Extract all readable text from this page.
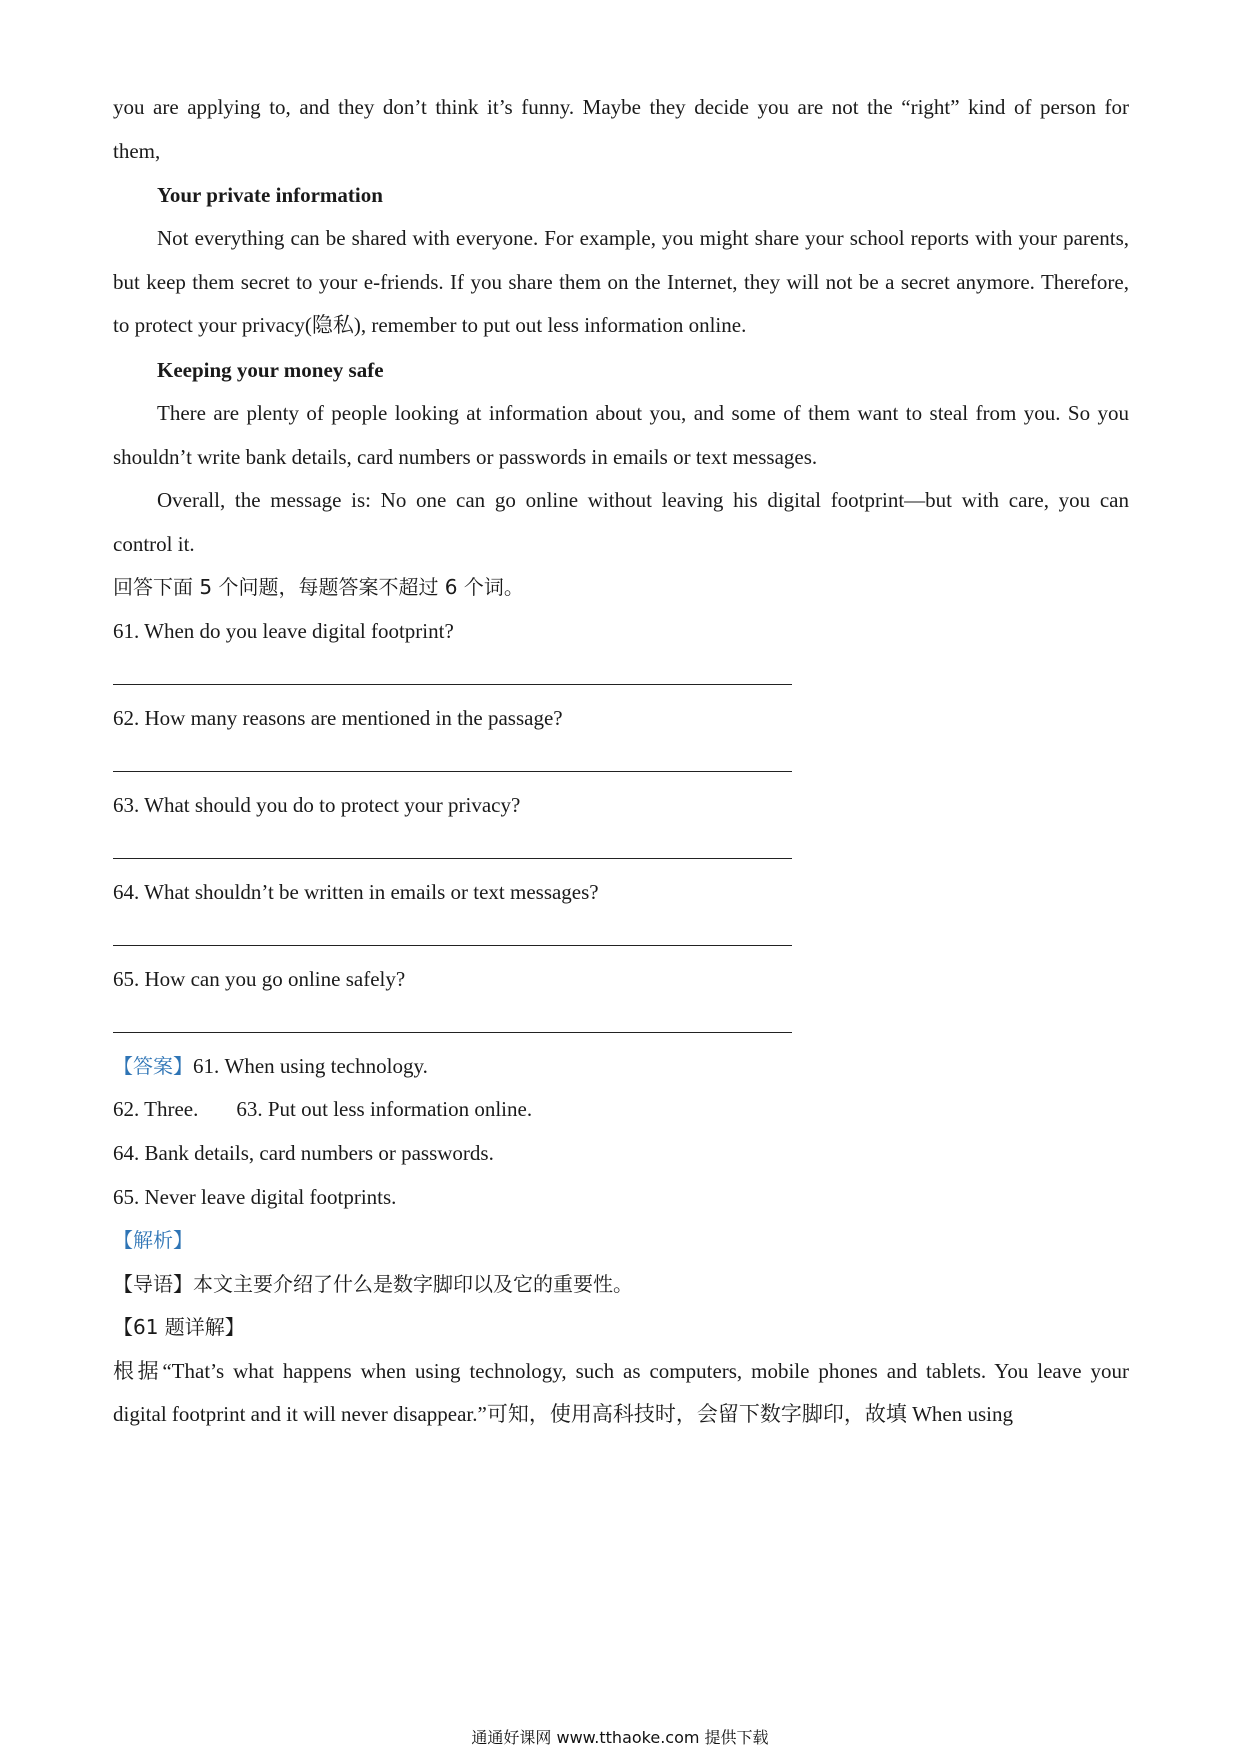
you are applying to, and they don’t think it’s funny. Maybe they decide you are not the “right” kind of person for
them,
Your private information
Not everything can be shared with everyone. For example, you might share your school reports with your parents,
but keep them secret to your e-friends. If you share them on the Internet, they will not be a secret anymore. Therefore,
to protect your privacy(隐私), remember to put out less information online.
Keeping your money safe
There are plenty of people looking at information about you, and some of them want to steal from you. So you
shouldn’t write bank details, card numbers or passwords in emails or text messages.
Overall, the message is: No one can go online without leaving his digital footprint—but with care, you can
control it.
回答下面 5 个问题，每题答案不超过 6 个词。
61. When do you leave digital footprint?
62. How many reasons are mentioned in the passage?
63. What should you do to protect your privacy?
64. What shouldn’t be written in emails or text messages?
65. How can you go online safely?
【答案】61. When using technology.
62. Three. 63. Put out less information online.
64. Bank details, card numbers or passwords.
65. Never leave digital footprints.
【解析】
【导语】本文主要介绍了什么是数字脚印以及它的重要性。
【61 题详解】
根据“That’s what happens when using technology, such as computers, mobile phones and tablets. You leave your
digital footprint and it will never disappear.”可知，使用高科技时，会留下数字脚印，故填 When using
通通好课网 www.tthaoke.com 提供下载
